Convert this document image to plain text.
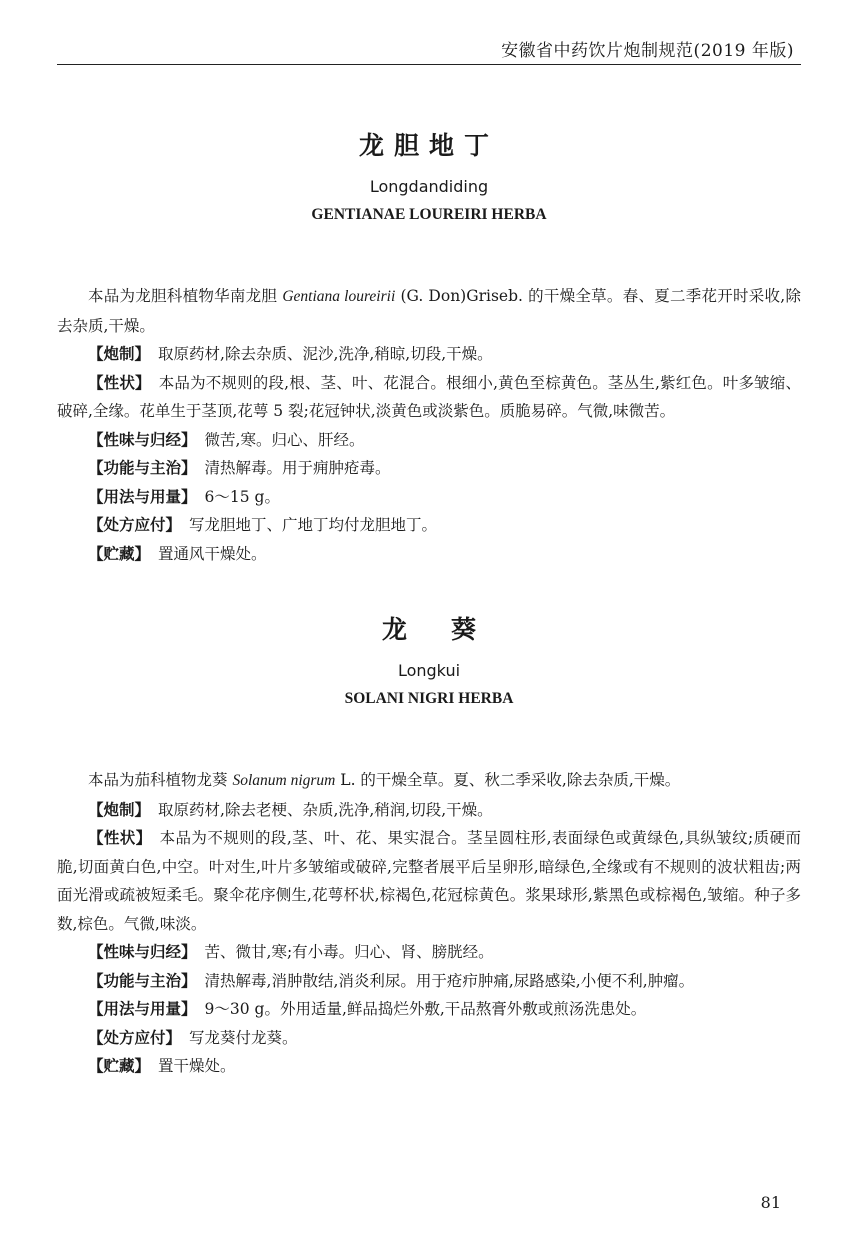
安徽省中药饮片炮制规范(2019 年版)
龙胆地丁
Longdandiding
GENTIANAE LOUREIRI HERBA

本品为龙胆科植物华南龙胆 Gentiana loureirii (G. Don)Griseb. 的干燥全草。春、夏二季花开时采收,除去杂质,干燥。

【炮制】 取原药材,除去杂质、泥沙,洗净,稍晾,切段,干燥。

【性状】 本品为不规则的段,根、茎、叶、花混合。根细小,黄色至棕黄色。茎丛生,紫红色。叶多皱缩、破碎,全缘。花单生于茎顶,花萼 5 裂;花冠钟状,淡黄色或淡紫色。质脆易碎。气微,味微苦。

【性味与归经】 微苦,寒。归心、肝经。

【功能与主治】 清热解毒。用于痈肿疮毒。

【用法与用量】 6～15 g。

【处方应付】 写龙胆地丁、广地丁均付龙胆地丁。

【贮藏】 置通风干燥处。

龙葵
Longkui
SOLANI NIGRI HERBA

本品为茄科植物龙葵 Solanum nigrum L. 的干燥全草。夏、秋二季采收,除去杂质,干燥。

【炮制】 取原药材,除去老梗、杂质,洗净,稍润,切段,干燥。

【性状】 本品为不规则的段,茎、叶、花、果实混合。茎呈圆柱形,表面绿色或黄绿色,具纵皱纹;质硬而脆,切面黄白色,中空。叶对生,叶片多皱缩或破碎,完整者展平后呈卵形,暗绿色,全缘或有不规则的波状粗齿;两面光滑或疏被短柔毛。聚伞花序侧生,花萼杯状,棕褐色,花冠棕黄色。浆果球形,紫黑色或棕褐色,皱缩。种子多数,棕色。气微,味淡。

【性味与归经】 苦、微甘,寒;有小毒。归心、肾、膀胱经。

【功能与主治】 清热解毒,消肿散结,消炎利尿。用于疮疖肿痛,尿路感染,小便不利,肿瘤。

【用法与用量】 9～30 g。外用适量,鲜品捣烂外敷,干品熬膏外敷或煎汤洗患处。

【处方应付】 写龙葵付龙葵。

【贮藏】 置干燥处。

81
